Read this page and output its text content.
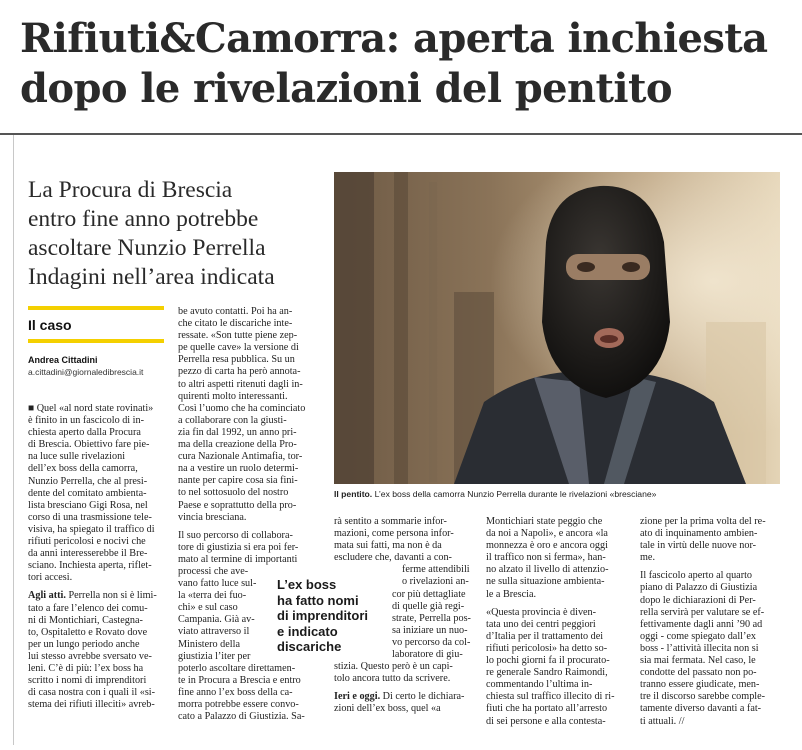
Rifiuti&Camorra: aperta inchiesta
dopo le rivelazioni del pentito
La Procura di Brescia
entro fine anno potrebbe
ascoltare Nunzio Perrella
Indagini nell’area indicata
Il pentito. L’ex boss della camorra Nunzio Perrella durante le rivelazioni «bresciane»
Il caso
Andrea Cittadini
a.cittadini@giornaledibrescia.it
■ Quel «al nord state rovinati»
è finito in un fascicolo di in-
chiesta aperto dalla Procura
di Brescia. Obiettivo fare pie-
na luce sulle rivelazioni
dell’ex boss della camorra,
Nunzio Perrella, che al presi-
dente del comitato ambienta-
lista bresciano Gigi Rosa, nel
corso di una trasmissione tele-
visiva, ha spiegato il traffico di
rifiuti pericolosi e nocivi che
da anni interesserebbe il Bre-
sciano. Inchiesta aperta, riflet-
tori accesi.
Agli atti. Perrella non si è limi-
tato a fare l’elenco dei comu-
ni di Montichiari, Castegna-
to, Ospitaletto e Rovato dove
per un lungo periodo anche
lui stesso avrebbe sversato ve-
leni. C’è di più: l’ex boss ha
scritto i nomi di imprenditori
di casa nostra con i quali il «si-
stema dei rifiuti illeciti» avreb-
be avuto contatti. Poi ha an-
che citato le discariche inte-
ressate. «Son tutte piene zep-
pe quelle cave» la versione di
Perrella resa pubblica. Su un
pezzo di carta ha però annota-
to altri aspetti ritenuti dagli in-
quirenti molto interessanti.
Così l’uomo che ha cominciato
a collaborare con la giusti-
zia fin dal 1992, un anno pri-
ma della creazione della Pro-
cura Nazionale Antimafia, tor-
na a vestire un ruolo determi-
nante per capire cosa sia fini-
to nel sottosuolo del nostro
Paese e soprattutto della pro-
vincia bresciana.
Il suo percorso di collabora-
tore di giustizia si era poi fer-
mato al termine di importanti
processi che ave-
vano fatto luce sul-
la «terra dei fuo-
chi» e sul caso
Campania. Già av-
viato attraverso il
Ministero della
giustizia l’iter per
poterlo ascoltare direttamen-
te in Procura a Brescia e entro
fine anno l’ex boss della ca-
morra potrebbe essere convo-
cato a Palazzo di Giustizia. Sa-
L’ex boss
ha fatto nomi
di imprenditori
e indicato
discariche
rà sentito a sommarie infor-
mazioni, come persona infor-
mata sui fatti, ma non è da
escludere che, davanti a con-
ferme attendibili
o rivelazioni an-
cor più dettagliate
di quelle già regi-
strate, Perrella pos-
sa iniziare un nuo-
vo percorso da col-
laboratore di giu-
stizia. Questo però è un capi-
tolo ancora tutto da scrivere.
Ieri e oggi. Di certo le dichiara-
zioni dell’ex boss, quel «a
Montichiari state peggio che
da noi a Napoli», e ancora «la
monnezza è oro e ancora oggi
il traffico non si ferma», han-
no alzato il livello di attenzio-
ne sulla situazione ambienta-
le a Brescia.
«Questa provincia è diven-
tata uno dei centri peggiori
d’Italia per il trattamento dei
rifiuti pericolosi» ha detto so-
lo pochi giorni fa il procurato-
re generale Sandro Raimondi,
commentando l’ultima in-
chiesta sul traffico illecito di ri-
fiuti che ha portato all’arresto
di sei persone e alla contesta-
zione per la prima volta del re-
ato di inquinamento ambien-
tale in virtù delle nuove nor-
me.
Il fascicolo aperto al quarto
piano di Palazzo di Giustizia
dopo le dichiarazioni di Per-
rella servirà per valutare se ef-
fettivamente dagli anni ’90 ad
oggi - come spiegato dall’ex
boss - l’attività illecita non si
sia mai fermata. Nel caso, le
condotte del passato non po-
tranno essere giudicate, men-
tre il discorso sarebbe comple-
tamente diverso davanti a fat-
ti attuali. //
